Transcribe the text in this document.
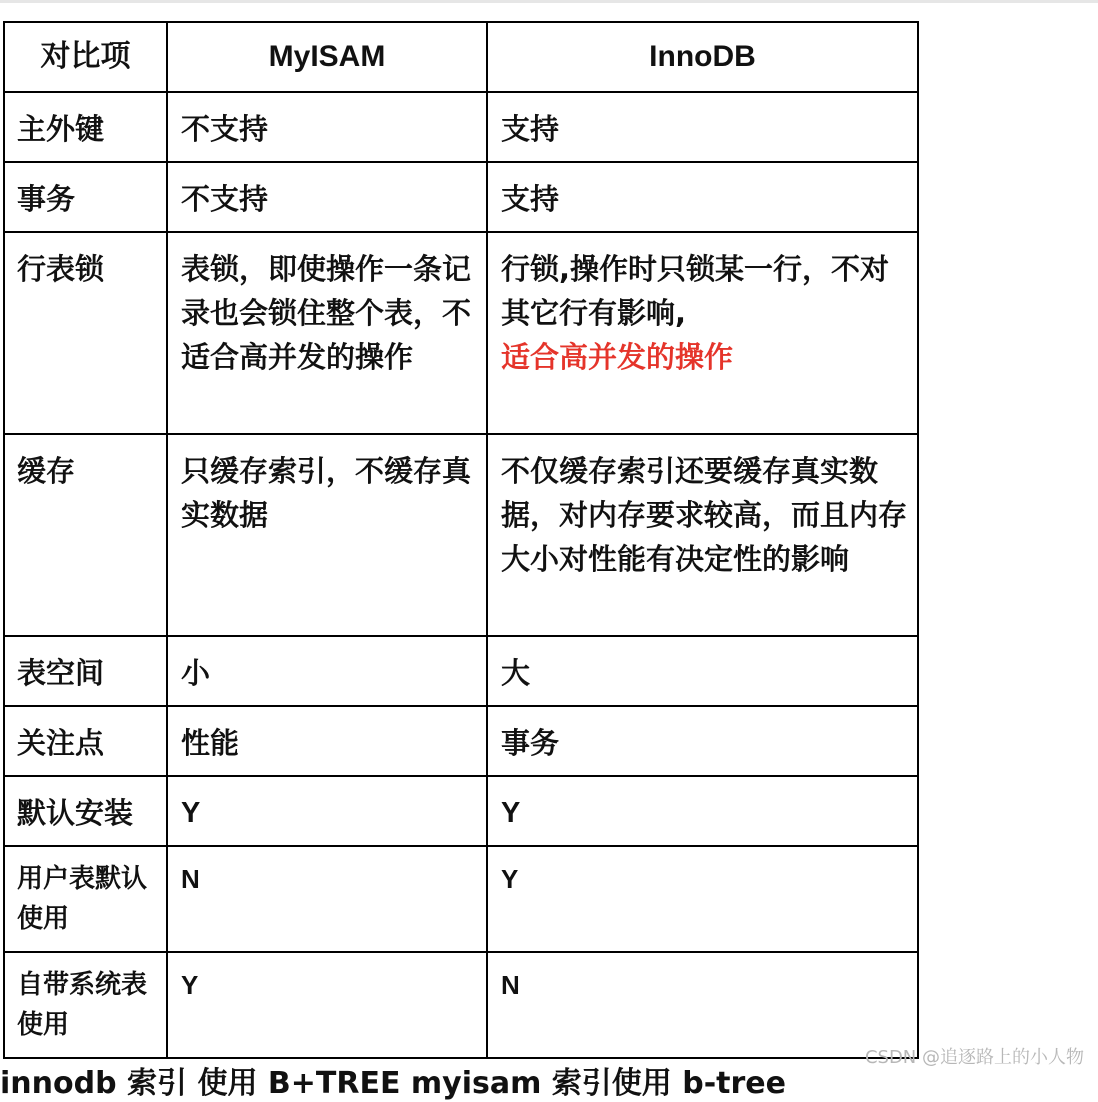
对比项	MyISAM	InnoDB

主外键	不支持	支持

事务	不支持	支持

行表锁	表锁，即使操作一条记录也会锁住整个表，不适合高并发的操作	行锁,操作时只锁某一行，不对其它行有影响,
适合高并发的操作

缓存	只缓存索引，不缓存真实数据	不仅缓存索引还要缓存真实数据，对内存要求较高，而且内存大小对性能有决定性的影响

表空间	小	大

关注点	性能	事务

默认安装	Y	Y

用户表默认使用	N	Y

自带系统表使用	Y	N
innodb 索引 使用 B+TREE myisam 索引使用 b-tree
CSDN @追逐路上的小人物
